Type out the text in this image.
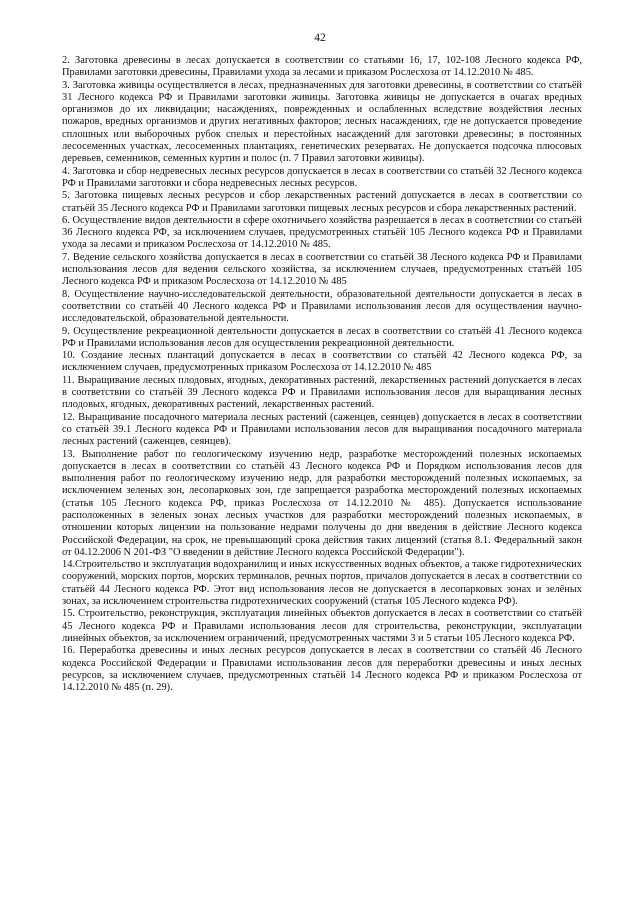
42

2. Заготовка древесины в лесах допускается в соответствии со статьями 16, 17, 102-108 Лесного кодекса РФ, Правилами заготовки древесины, Правилами ухода за лесами и приказом Рослесхоза от 14.12.2010 № 485.

3. Заготовка живицы осуществляется в лесах, предназначенных для заготовки древесины, в соответствии со статьёй 31 Лесного кодекса РФ и Правилами заготовки живицы. Заготовка живицы не допускается в очагах вредных организмов до их ликвидации; насаждениях, поврежденных и ослабленных вследствие воздействия лесных пожаров, вредных организмов и других негативных факторов; лесных насаждениях, где не допускается проведение сплошных или выборочных рубок спелых и перестойных насаждений для заготовки древесины; в постоянных лесосеменных участках, лесосеменных плантациях, генетических резерватах. Не допускается подсочка плюсовых деревьев, семенников, семенных куртин и полос (п. 7 Правил заготовки живицы).

4. Заготовка и сбор недревесных лесных ресурсов допускается в лесах в соответствии со статьёй 32 Лесного кодекса РФ и Правилами заготовки и сбора недревесных лесных ресурсов.

5. Заготовка пищевых лесных ресурсов и сбор лекарственных растений допускается в лесах в соответствии со статьёй 35 Лесного кодекса РФ и Правилами заготовки пищевых лесных ресурсов и сбора лекарственных растений.

6. Осуществление видов деятельности в сфере охотничьего хозяйства разрешается в лесах в соответствии со статьёй 36 Лесного кодекса РФ, за исключением случаев, предусмотренных статьёй 105 Лесного кодекса РФ и Правилами ухода за лесами и приказом Рослесхоза от 14.12.2010 № 485.

7. Ведение сельского хозяйства допускается в лесах в соответствии со статьёй 38 Лесного кодекса РФ и Правилами использования лесов для ведения сельского хозяйства, за исключением случаев, предусмотренных статьёй 105 Лесного кодекса РФ и приказом Рослесхоза от 14.12.2010 № 485

8. Осуществление научно-исследовательской деятельности, образовательной деятельности допускается в лесах в соответствии со статьёй 40 Лесного кодекса РФ и Правилами использования лесов для осуществления научно-исследовательской, образовательной деятельности.

9. Осуществление рекреационной деятельности допускается в лесах в соответствии со статьёй 41 Лесного кодекса РФ и Правилами использования лесов для осуществления рекреационной деятельности.

10. Создание лесных плантаций допускается в лесах в соответствии со статьёй 42 Лесного кодекса РФ, за исключением случаев, предусмотренных приказом Рослесхоза от 14.12.2010 № 485

11. Выращивание лесных плодовых, ягодных, декоративных растений, лекарственных растений допускается в лесах в соответствии со статьёй 39 Лесного кодекса РФ и Правилами использования лесов для выращивания лесных плодовых, ягодных, декоративных растений, лекарственных растений.

12. Выращивание посадочного материала лесных растений (саженцев, сеянцев) допускается в лесах в соответствии со статьёй 39.1 Лесного кодекса РФ и Правилами использования лесов для выращивания посадочного материала лесных растений (саженцев, сеянцев).

13. Выполнение работ по геологическому изучению недр, разработке месторождений полезных ископаемых допускается в лесах в соответствии со статьёй 43 Лесного кодекса РФ и Порядком использования лесов для выполнения работ по геологическому изучению недр, для разработки месторождений полезных ископаемых, за исключением зеленых зон, лесопарковых зон, где запрещается разработка месторождений полезных ископаемых (статья 105 Лесного кодекса РФ, приказ Рослесхоза от 14.12.2010 № 485). Допускается использование расположенных в зеленых зонах лесных участков для разработки месторождений полезных ископаемых, в отношении которых лицензии на пользование недрами получены до дня введения в действие Лесного кодекса Российской Федерации, на срок, не превышающий срока действия таких лицензий (статья 8.1. Федеральный закон от 04.12.2006 N 201-ФЗ "О введении в действие Лесного кодекса Российской Федерации").

14.Строительство и эксплуатация водохранилищ и иных искусственных водных объектов, а также гидротехнических сооружений, морских портов, морских терминалов, речных портов, причалов допускается в лесах в соответствии со статьёй 44 Лесного кодекса РФ. Этот вид использования лесов не допускается в лесопарковых зонах и зелёных зонах, за исключением строительства гидротехнических сооружений (статья 105 Лесного кодекса РФ).

15. Строительство, реконструкция, эксплуатация линейных объектов допускается в лесах в соответствии со статьёй 45 Лесного кодекса РФ и Правилами использования лесов для строительства, реконструкции, эксплуатации линейных объектов, за исключением ограничений, предусмотренных частями 3 и 5 статьи 105 Лесного кодекса РФ.

16. Переработка древесины и иных лесных ресурсов допускается в лесах в соответствии со статьёй 46 Лесного кодекса Российской Федерации и Правилами использования лесов для переработки древесины и иных лесных ресурсов, за исключением случаев, предусмотренных статьёй 14 Лесного кодекса РФ и приказом Рослесхоза от 14.12.2010 № 485 (п. 29).
